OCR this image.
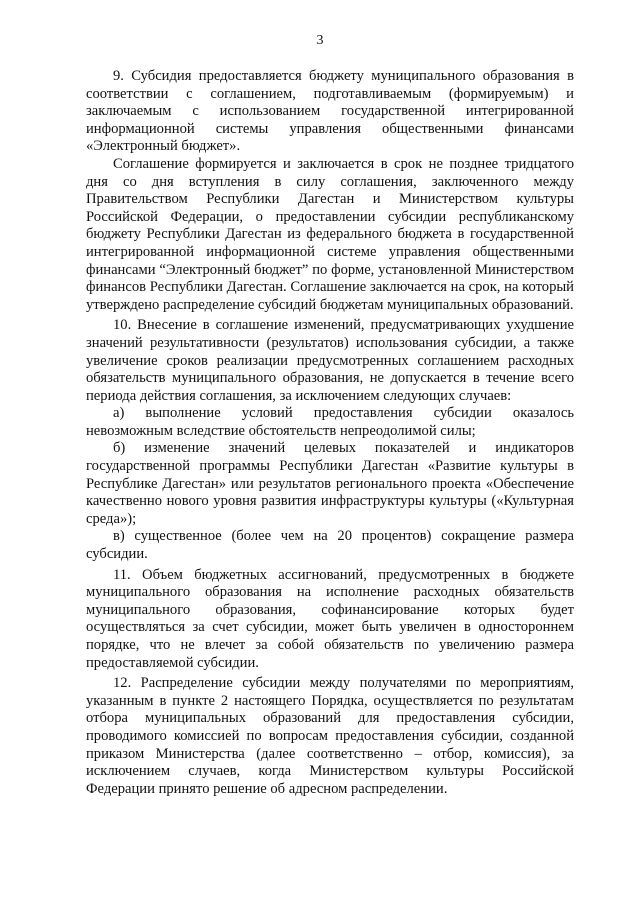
3

9. Субсидия предоставляется бюджету муниципального образования в соответствии с соглашением, подготавливаемым (формируемым) и заключаемым с использованием государственной интегрированной информационной системы управления общественными финансами «Электронный бюджет».

Соглашение формируется и заключается в срок не позднее тридцатого дня со дня вступления в силу соглашения, заключенного между Правительством Республики Дагестан и Министерством культуры Российской Федерации, о предоставлении субсидии республиканскому бюджету Республики Дагестан из федерального бюджета в государственной интегрированной информационной системе управления общественными финансами “Электронный бюджет” по форме, установленной Министерством финансов Республики Дагестан. Соглашение заключается на срок, на который утверждено распределение субсидий бюджетам муниципальных образований.

10. Внесение в соглашение изменений, предусматривающих ухудшение значений результативности (результатов) использования субсидии, а также увеличение сроков реализации предусмотренных соглашением расходных обязательств муниципального образования, не допускается в течение всего периода действия соглашения, за исключением следующих случаев:

а) выполнение условий предоставления субсидии оказалось невозможным вследствие обстоятельств непреодолимой силы;

б) изменение значений целевых показателей и индикаторов государственной программы Республики Дагестан «Развитие культуры в Республике Дагестан» или результатов регионального проекта «Обеспечение качественно нового уровня развития инфраструктуры культуры («Культурная среда»);

в) существенное (более чем на 20 процентов) сокращение размера субсидии.

11. Объем бюджетных ассигнований, предусмотренных в бюджете муниципального образования на исполнение расходных обязательств муниципального образования, софинансирование которых будет осуществляться за счет субсидии, может быть увеличен в одностороннем порядке, что не влечет за собой обязательств по увеличению размера предоставляемой субсидии.

12. Распределение субсидии между получателями по мероприятиям, указанным в пункте 2 настоящего Порядка, осуществляется по результатам отбора муниципальных образований для предоставления субсидии, проводимого комиссией по вопросам предоставления субсидии, созданной приказом Министерства (далее соответственно – отбор, комиссия), за исключением случаев, когда Министерством культуры Российской Федерации принято решение об адресном распределении.
